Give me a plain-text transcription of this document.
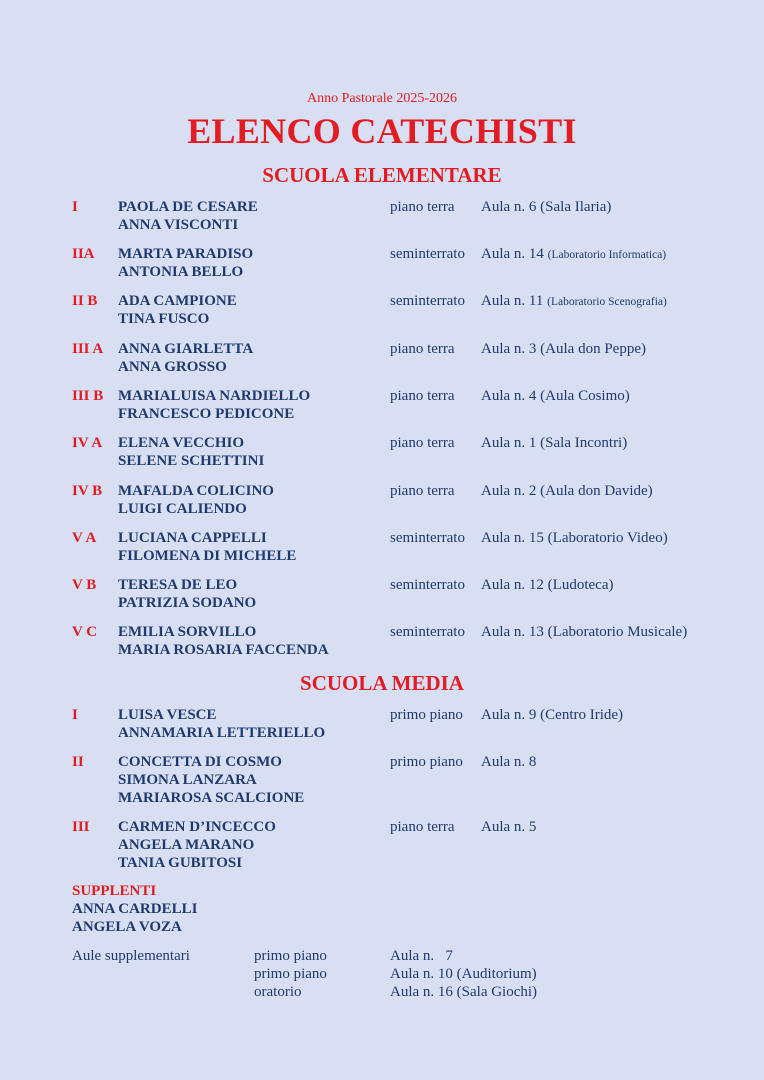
Anno Pastorale 2025-2026
ELENCO CATECHISTI
SCUOLA ELEMENTARE
I	PAOLA DE CESARE
ANNA VISCONTI
piano terra Aula n. 6 (Sala Ilaria)
IIA MARTA PARADISO
ANTONIA BELLO
seminterrato Aula n. 14 (Laboratorio Informatica)
II B ADA CAMPIONE
TINA FUSCO
seminterrato Aula n. 11 (Laboratorio Scenografia)
III A ANNA GIARLETTA
ANNA GROSSO
piano terra Aula n. 3 (Aula don Peppe)
III B MARIALUISA NARDIELLO
FRANCESCO PEDICONE
piano terra Aula n. 4 (Aula Cosimo)
IV A ELENA VECCHIO
SELENE SCHETTINI
piano terra Aula n. 1 (Sala Incontri)
IV B MAFALDA COLICINO
LUIGI CALIENDO
piano terra Aula n. 2 (Aula don Davide)
V A LUCIANA CAPPELLI
FILOMENA DI MICHELE
seminterrato Aula n. 15 (Laboratorio Video)
V B TERESA DE LEO
PATRIZIA SODANO
seminterrato Aula n. 12 (Ludoteca)
V C EMILIA SORVILLO
MARIA ROSARIA FACCENDA
seminterrato Aula n. 13 (Laboratorio Musicale)
SCUOLA MEDIA
I	LUISA VESCE
ANNAMARIA LETTERIELLO
primo piano Aula n. 9 (Centro Iride)
II CONCETTA DI COSMO
SIMONA LANZARA
MARIAROSA SCALCIONE
primo piano Aula n. 8
III CARMEN D’INCECCO
ANGELA MARANO
TANIA GUBITOSI
piano terra Aula n. 5
SUPPLENTI
ANNA CARDELLI
ANGELA VOZA
Aule supplementari	primo piano	Aula n.   7
primo piano	Aula n. 10 (Auditorium)
oratorio	Aula n. 16 (Sala Giochi)
